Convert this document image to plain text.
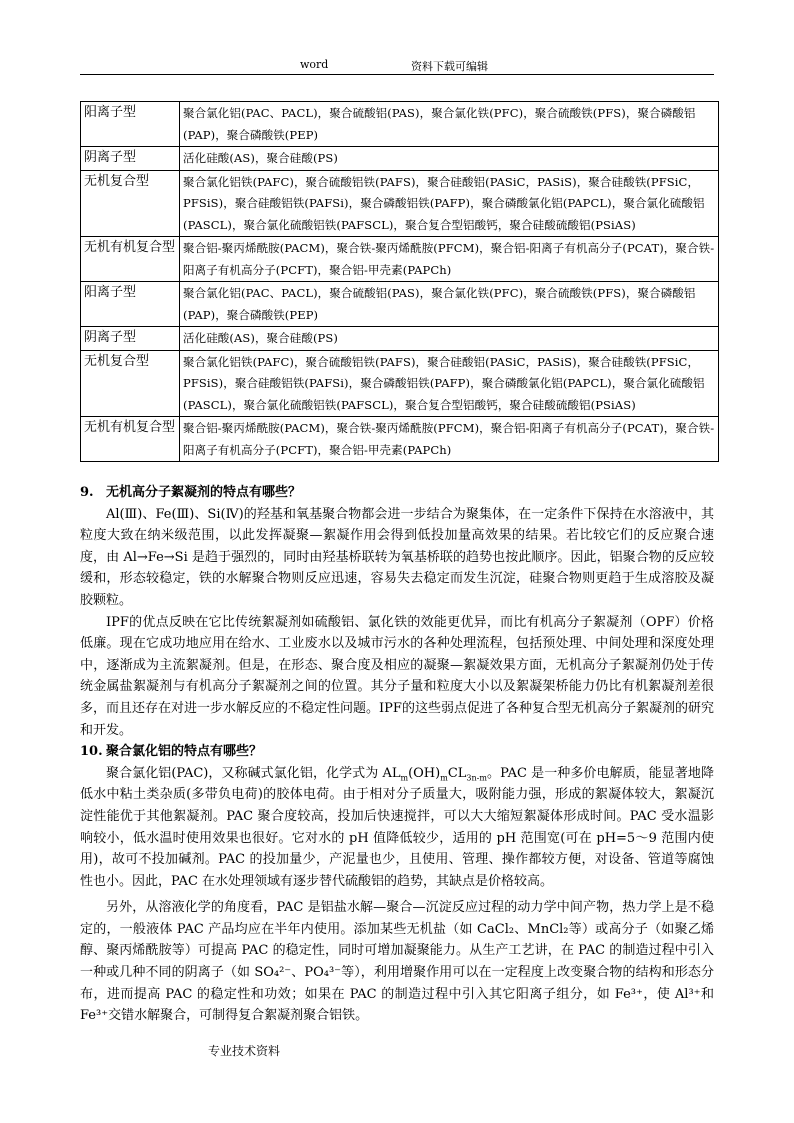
word	资料下载可编辑
阳离子型	聚合氯化铝(PAC、PACL)，聚合硫酸铝(PAS)，聚合氯化铁(PFC)，聚合硫酸铁(PFS)，聚合磷酸铝(PAP)，聚合磷酸铁(PEP)
阴离子型	活化硅酸(AS)，聚合硅酸(PS)
无机复合型	聚合氯化铝铁(PAFC)，聚合硫酸铝铁(PAFS)，聚合硅酸铝(PASiC，PASiS)，聚合硅酸铁(PFSiC，PFSiS)，聚合硅酸铝铁(PAFSi)，聚合磷酸铝铁(PAFP)，聚合磷酸氯化铝(PAPCL)，聚合氯化硫酸铝(PASCL)，聚合氯化硫酸铝铁(PAFSCL)，聚合复合型铝酸钙，聚合硅酸硫酸铝(PSiAS)
无机有机复合型	聚合铝-聚丙烯酰胺(PACM)，聚合铁-聚丙烯酰胺(PFCM)，聚合铝-阳离子有机高分子(PCAT)，聚合铁-阳离子有机高分子(PCFT)，聚合铝-甲壳素(PAPCh)
阳离子型	聚合氯化铝(PAC、PACL)，聚合硫酸铝(PAS)，聚合氯化铁(PFC)，聚合硫酸铁(PFS)，聚合磷酸铝(PAP)，聚合磷酸铁(PEP)
阴离子型	活化硅酸(AS)，聚合硅酸(PS)
无机复合型	聚合氯化铝铁(PAFC)，聚合硫酸铝铁(PAFS)，聚合硅酸铝(PASiC，PASiS)，聚合硅酸铁(PFSiC，PFSiS)，聚合硅酸铝铁(PAFSi)，聚合磷酸铝铁(PAFP)，聚合磷酸氯化铝(PAPCL)，聚合氯化硫酸铝(PASCL)，聚合氯化硫酸铝铁(PAFSCL)，聚合复合型铝酸钙，聚合硅酸硫酸铝(PSiAS)
无机有机复合型	聚合铝-聚丙烯酰胺(PACM)，聚合铁-聚丙烯酰胺(PFCM)，聚合铝-阳离子有机高分子(PCAT)，聚合铁-阳离子有机高分子(PCFT)，聚合铝-甲壳素(PAPCh)
9. 无机高分子絮凝剂的特点有哪些？

Al(Ⅲ)、Fe(Ⅲ)、Si(Ⅳ)的羟基和氧基聚合物都会进一步结合为聚集体，在一定条件下保持在水溶液中，其粒度大致在纳米级范围，以此发挥凝聚—絮凝作用会得到低投加量高效果的结果。若比较它们的反应聚合速度，由 Al→Fe→Si 是趋于强烈的，同时由羟基桥联转为氧基桥联的趋势也按此顺序。因此，铝聚合物的反应较缓和，形态较稳定，铁的水解聚合物则反应迅速，容易失去稳定而发生沉淀，硅聚合物则更趋于生成溶胶及凝胶颗粒。

IPF的优点反映在它比传统絮凝剂如硫酸铝、氯化铁的效能更优异，而比有机高分子絮凝剂（OPF）价格低廉。现在它成功地应用在给水、工业废水以及城市污水的各种处理流程，包括预处理、中间处理和深度处理中，逐渐成为主流絮凝剂。但是，在形态、聚合度及相应的凝聚—絮凝效果方面，无机高分子絮凝剂仍处于传统金属盐絮凝剂与有机高分子絮凝剂之间的位置。其分子量和粒度大小以及絮凝架桥能力仍比有机絮凝剂差很多，而且还存在对进一步水解反应的不稳定性问题。IPF的这些弱点促进了各种复合型无机高分子絮凝剂的研究和开发。

10. 聚合氯化铝的特点有哪些？

聚合氯化铝(PAC)，又称碱式氯化铝，化学式为 $AL_m(OH)_mCL_{3n-m}$。PAC 是一种多价电解质，能显著地降低水中粘土类杂质(多带负电荷)的胶体电荷。由于相对分子质量大，吸附能力强，形成的絮凝体较大，絮凝沉淀性能优于其他絮凝剂。PAC 聚合度较高，投加后快速搅拌，可以大大缩短絮凝体形成时间。PAC 受水温影响较小，低水温时使用效果也很好。它对水的 pH 值降低较少，适用的 pH 范围宽(可在 pH=5～9 范围内使用)，故可不投加碱剂。PAC 的投加量少，产泥量也少，且使用、管理、操作都较方便，对设备、管道等腐蚀性也小。因此，PAC 在水处理领域有逐步替代硫酸铝的趋势，其缺点是价格较高。

另外，从溶液化学的角度看，PAC 是铝盐水解—聚合—沉淀反应过程的动力学中间产物，热力学上是不稳定的，一般液体 PAC 产品均应在半年内使用。添加某些无机盐（如 CaCl₂、MnCl₂等）或高分子（如聚乙烯醇、聚丙烯酰胺等）可提高 PAC 的稳定性，同时可增加凝聚能力。从生产工艺讲，在 PAC 的制造过程中引入一种或几种不同的阴离子（如 SO₄²⁻、PO₄³⁻等），利用增聚作用可以在一定程度上改变聚合物的结构和形态分布，进而提高 PAC 的稳定性和功效；如果在 PAC 的制造过程中引入其它阳离子组分，如 Fe³⁺，使 Al³⁺和 Fe³⁺交错水解聚合，可制得复合絮凝剂聚合铝铁。

专业技术资料
